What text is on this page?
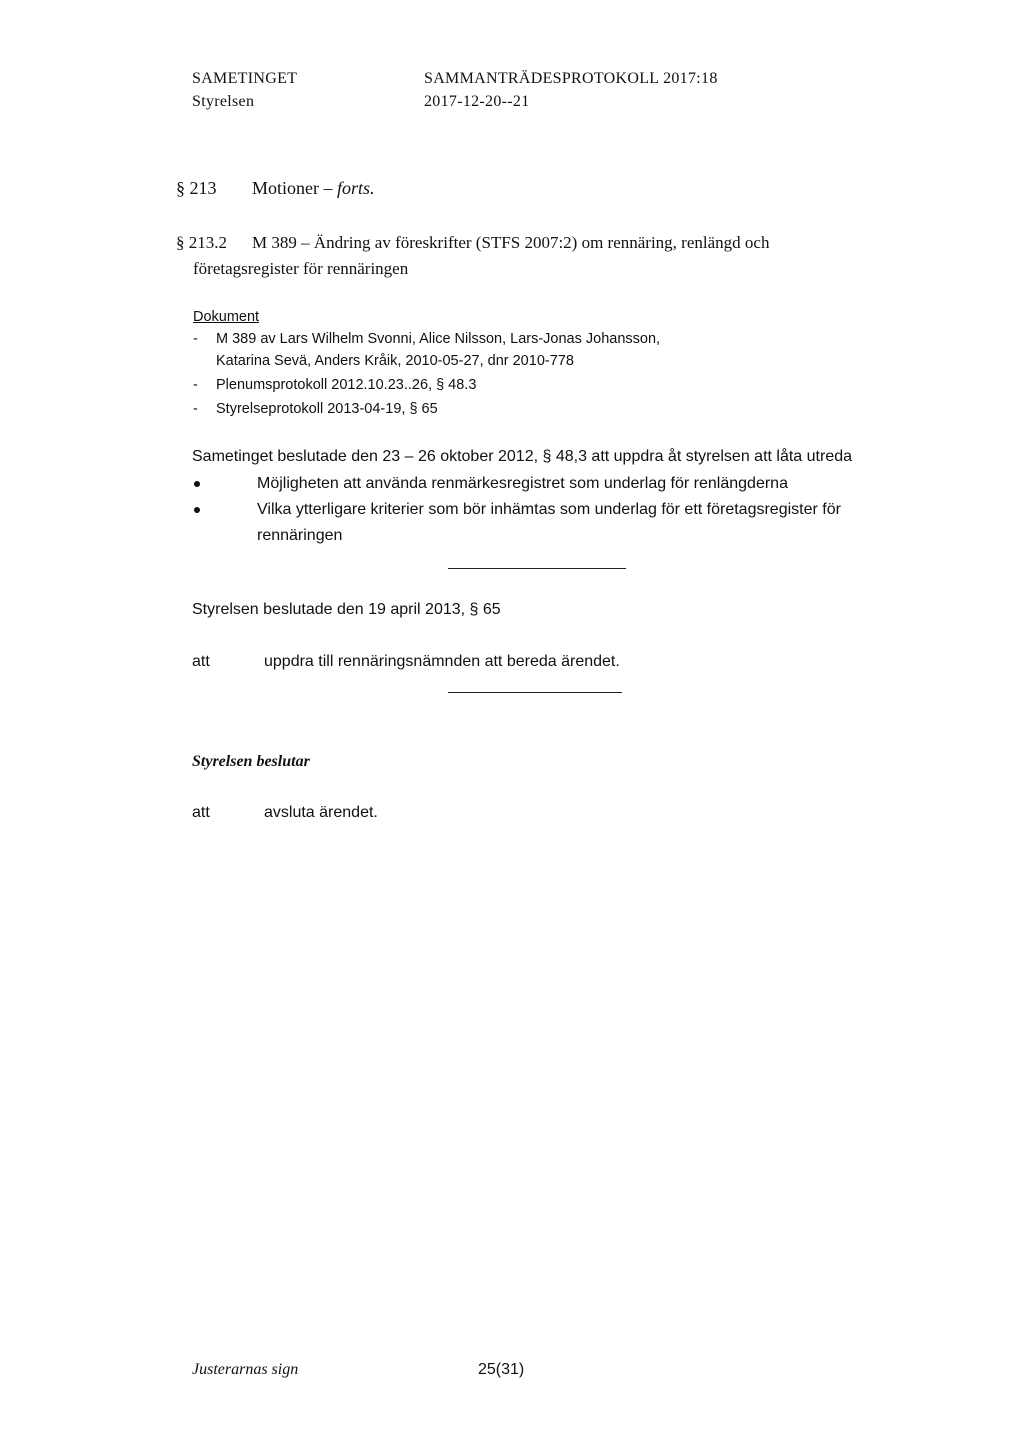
SAMETINGET
Styrelsen
SAMMANTRÄDESPROTOKOLL 2017:18
2017-12-20--21
§ 213 Motioner – forts.
§ 213.2 M 389 – Ändring av föreskrifter (STFS 2007:2) om rennäring, renlängd och
företagsregister för rennäringen
Dokument
- M 389 av Lars Wilhelm Svonni, Alice Nilsson, Lars-Jonas Johansson,
Katarina Sevä, Anders Kråik, 2010-05-27, dnr 2010-778
- Plenumsprotokoll 2012.10.23..26, § 48.3
- Styrelseprotokoll 2013-04-19, § 65
Sametinget beslutade den 23 – 26 oktober 2012, § 48,3 att uppdra åt styrelsen att låta utreda
Möjligheten att använda renmärkesregistret som underlag för renlängderna
Vilka ytterligare kriterier som bör inhämtas som underlag för ett företagsregister för
rennäringen
Styrelsen beslutade den 19 april 2013, § 65
att	uppdra till rennäringsnämnden att bereda ärendet.
Styrelsen beslutar
att	avsluta ärendet.
Justerarnas sign	25(31)
